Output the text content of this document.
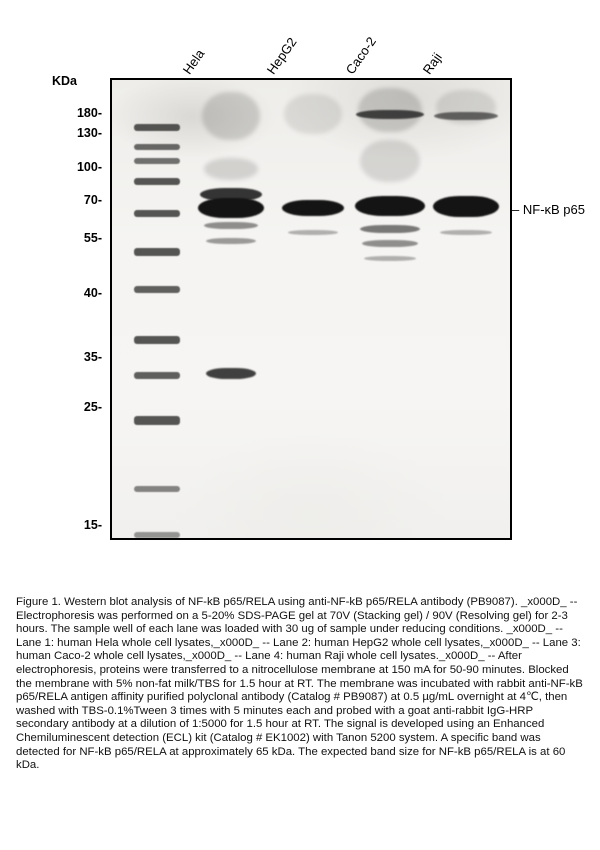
Hela	HepG2	Caco-2	Raji
KDa
180-
130-
100-
70-
55-
40-
35-
25-
15-
– NF-κB p65
Figure 1. Western blot analysis of NF-kB p65/RELA using anti-NF-kB p65/RELA antibody (PB9087). _x000D_ -- Electrophoresis was performed on a 5-20% SDS-PAGE gel at 70V (Stacking gel) / 90V (Resolving gel) for 2-3 hours. The sample well of each lane was loaded with 30 ug of sample under reducing conditions. _x000D_ -- Lane 1: human Hela whole cell lysates,_x000D_ -- Lane 2: human HepG2 whole cell lysates,_x000D_ -- Lane 3: human Caco-2 whole cell lysates,_x000D_ -- Lane 4: human Raji whole cell lysates._x000D_ -- After electrophoresis, proteins were transferred to a nitrocellulose membrane at 150 mA for 50-90 minutes. Blocked the membrane with 5% non-fat milk/TBS for 1.5 hour at RT. The membrane was incubated with rabbit anti-NF-kB p65/RELA antigen affinity purified polyclonal antibody (Catalog # PB9087) at 0.5 µg/mL overnight at 4℃, then washed with TBS-0.1%Tween 3 times with 5 minutes each and probed with a goat anti-rabbit IgG-HRP secondary antibody at a dilution of 1:5000 for 1.5 hour at RT. The signal is developed using an Enhanced Chemiluminescent detection (ECL) kit (Catalog # EK1002) with Tanon 5200 system. A specific band was detected for NF-kB p65/RELA at approximately 65 kDa. The expected band size for NF-kB p65/RELA is at 60 kDa.
